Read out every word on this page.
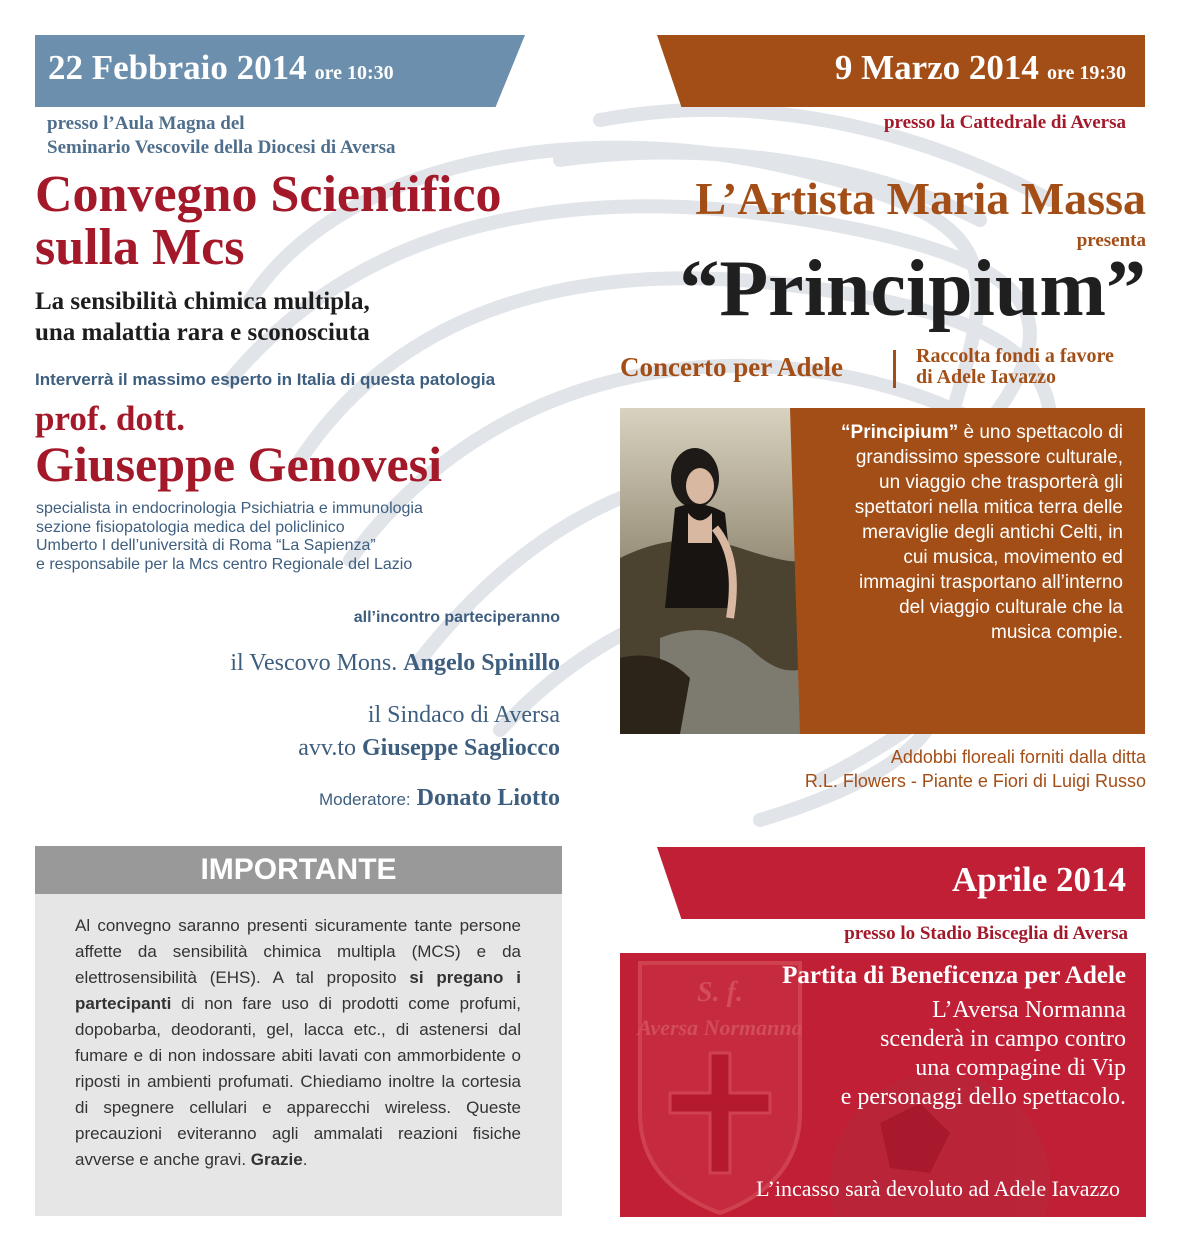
22 Febbraio 2014 ore 10:30
presso l’Aula Magna del
Seminario Vescovile della Diocesi di Aversa
Convegno Scientifico
sulla Mcs
La sensibilità chimica multipla,
una malattia rara e sconosciuta
Interverrà il massimo esperto in Italia di questa patologia
prof. dott.
Giuseppe Genovesi
specialista in endocrinologia Psichiatria e immunologia
sezione fisiopatologia medica del policlinico
Umberto I dell’università di Roma “La Sapienza”
e responsabile per la Mcs centro Regionale del Lazio
all’incontro parteciperanno
il Vescovo Mons. Angelo Spinillo
il Sindaco di Aversa
avv.to Giuseppe Sagliocco
Moderatore: Donato Liotto
IMPORTANTE
Al convegno saranno presenti sicuramente tante persone affette da sensibilità chimica multipla (MCS) e da elettrosensibilità (EHS). A tal proposito si pregano i partecipanti di non fare uso di prodotti come profumi, dopobarba, deodoranti, gel, lacca etc., di astenersi dal fumare e di non indossare abiti lavati con ammorbidente o riposti in ambienti profumati. Chiediamo inoltre la cortesia di spegnere cellulari e apparecchi wireless. Queste precauzioni eviteranno agli ammalati reazioni fisiche avverse e anche gravi. Grazie.
9 Marzo 2014 ore 19:30
presso la Cattedrale di Aversa
L’Artista Maria Massa
presenta
“Principium”
Concerto per Adele	Raccolta fondi a favore
di Adele Iavazzo
“Principium” è uno spettacolo di grandissimo spessore culturale, un viaggio che trasporterà gli spettatori nella mitica terra delle meraviglie degli antichi Celti, in cui musica, movimento ed immagini trasportano all’interno del viaggio culturale che la musica compie.
Addobbi floreali forniti dalla ditta
R.L. Flowers - Piante e Fiori di Luigi Russo
Aprile 2014
presso lo Stadio Bisceglia di Aversa
S. f.
Aversa Normanna
Partita di Beneficenza per Adele
L’Aversa Normanna
scenderà in campo contro
una compagine di Vip
e personaggi dello spettacolo.
L’incasso sarà devoluto ad Adele Iavazzo
